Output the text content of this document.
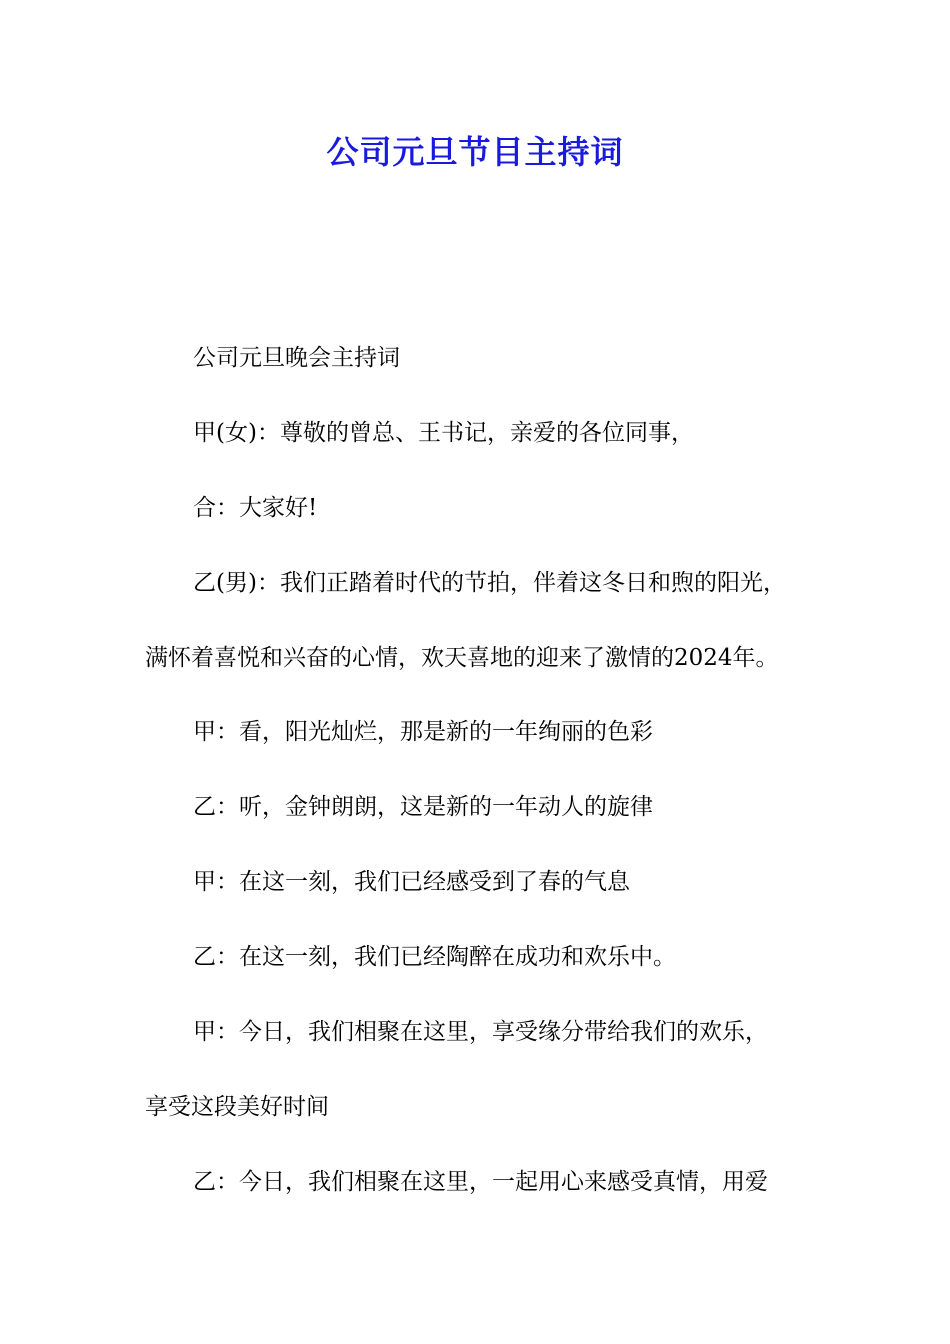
公司元旦节目主持词
公司元旦晚会主持词
甲(女)：尊敬的曾总、王书记，亲爱的各位同事，
合：大家好!
乙(男)：我们正踏着时代的节拍，伴着这冬日和煦的阳光，
满怀着喜悦和兴奋的心情，欢天喜地的迎来了激情的2024年。
甲：看，阳光灿烂，那是新的一年绚丽的色彩
乙：听，金钟朗朗，这是新的一年动人的旋律
甲：在这一刻，我们已经感受到了春的气息
乙：在这一刻，我们已经陶醉在成功和欢乐中。
甲：今日，我们相聚在这里，享受缘分带给我们的欢乐，
享受这段美好时间
乙：今日，我们相聚在这里，一起用心来感受真情，用爱
